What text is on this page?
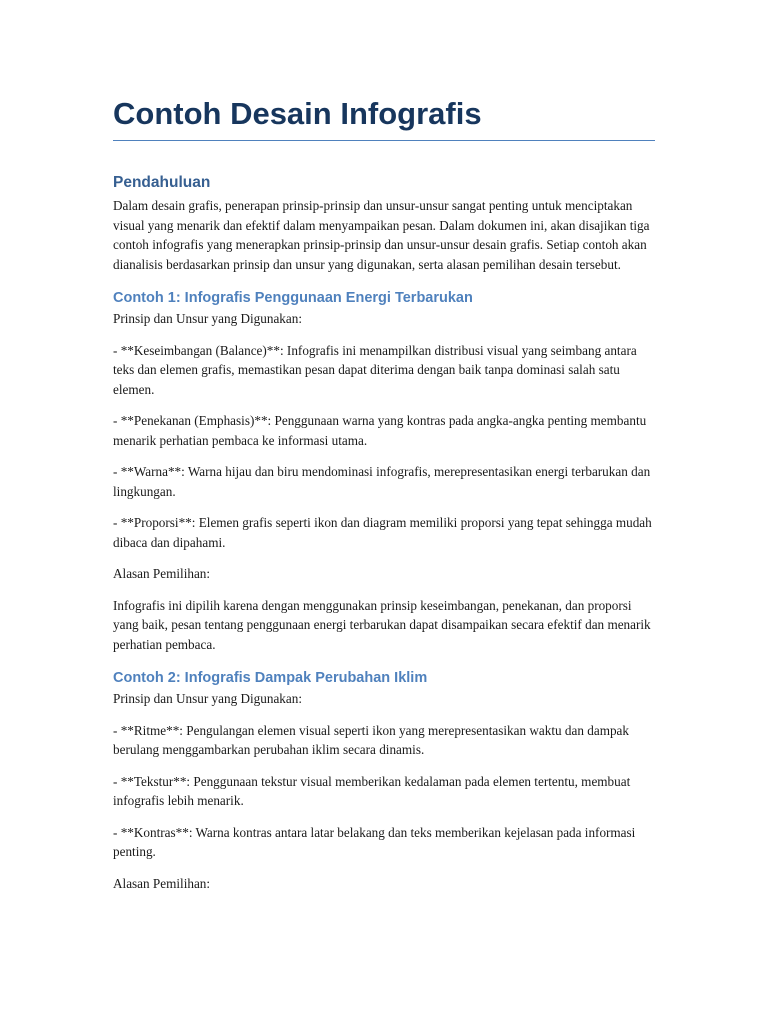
Contoh Desain Infografis
Pendahuluan

Dalam desain grafis, penerapan prinsip-prinsip dan unsur-unsur sangat penting untuk menciptakan visual yang menarik dan efektif dalam menyampaikan pesan. Dalam dokumen ini, akan disajikan tiga contoh infografis yang menerapkan prinsip-prinsip dan unsur-unsur desain grafis. Setiap contoh akan dianalisis berdasarkan prinsip dan unsur yang digunakan, serta alasan pemilihan desain tersebut.

Contoh 1: Infografis Penggunaan Energi Terbarukan

Prinsip dan Unsur yang Digunakan:

- **Keseimbangan (Balance)**: Infografis ini menampilkan distribusi visual yang seimbang antara teks dan elemen grafis, memastikan pesan dapat diterima dengan baik tanpa dominasi salah satu elemen.

- **Penekanan (Emphasis)**: Penggunaan warna yang kontras pada angka-angka penting membantu menarik perhatian pembaca ke informasi utama.

- **Warna**: Warna hijau dan biru mendominasi infografis, merepresentasikan energi terbarukan dan lingkungan.

- **Proporsi**: Elemen grafis seperti ikon dan diagram memiliki proporsi yang tepat sehingga mudah dibaca dan dipahami.

Alasan Pemilihan:

Infografis ini dipilih karena dengan menggunakan prinsip keseimbangan, penekanan, dan proporsi yang baik, pesan tentang penggunaan energi terbarukan dapat disampaikan secara efektif dan menarik perhatian pembaca.

Contoh 2: Infografis Dampak Perubahan Iklim

Prinsip dan Unsur yang Digunakan:

- **Ritme**: Pengulangan elemen visual seperti ikon yang merepresentasikan waktu dan dampak berulang menggambarkan perubahan iklim secara dinamis.

- **Tekstur**: Penggunaan tekstur visual memberikan kedalaman pada elemen tertentu, membuat infografis lebih menarik.

- **Kontras**: Warna kontras antara latar belakang dan teks memberikan kejelasan pada informasi penting.

Alasan Pemilihan:
